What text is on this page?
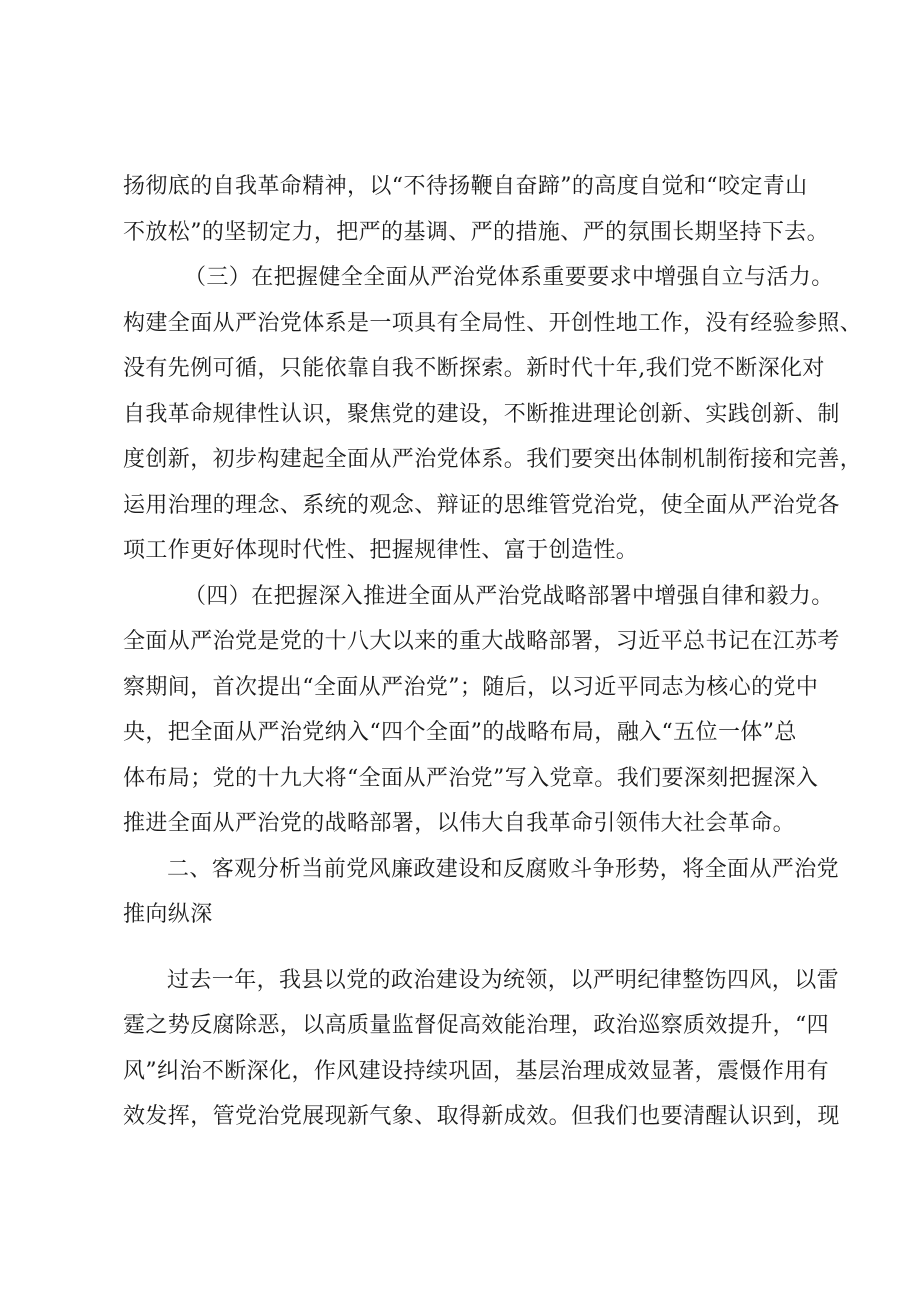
扬彻底的自我革命精神，以“不待扬鞭自奋蹄”的高度自觉和“咬定青山
不放松”的坚韧定力，把严的基调、严的措施、严的氛围长期坚持下去。
（三）在把握健全全面从严治党体系重要要求中增强自立与活力。
构建全面从严治党体系是一项具有全局性、开创性地工作，没有经验参照、
没有先例可循，只能依靠自我不断探索。新时代十年,我们党不断深化对
自我革命规律性认识，聚焦党的建设，不断推进理论创新、实践创新、制
度创新，初步构建起全面从严治党体系。我们要突出体制机制衔接和完善，
运用治理的理念、系统的观念、辩证的思维管党治党，使全面从严治党各
项工作更好体现时代性、把握规律性、富于创造性。
（四）在把握深入推进全面从严治党战略部署中增强自律和毅力。
全面从严治党是党的十八大以来的重大战略部署，习近平总书记在江苏考
察期间，首次提出“全面从严治党”；随后，以习近平同志为核心的党中
央，把全面从严治党纳入“四个全面”的战略布局，融入“五位一体”总
体布局；党的十九大将“全面从严治党”写入党章。我们要深刻把握深入
推进全面从严治党的战略部署，以伟大自我革命引领伟大社会革命。
二、客观分析当前党风廉政建设和反腐败斗争形势，将全面从严治党
推向纵深
过去一年，我县以党的政治建设为统领，以严明纪律整饬四风，以雷
霆之势反腐除恶，以高质量监督促高效能治理，政治巡察质效提升，“四
风”纠治不断深化，作风建设持续巩固，基层治理成效显著，震慑作用有
效发挥，管党治党展现新气象、取得新成效。但我们也要清醒认识到，现
